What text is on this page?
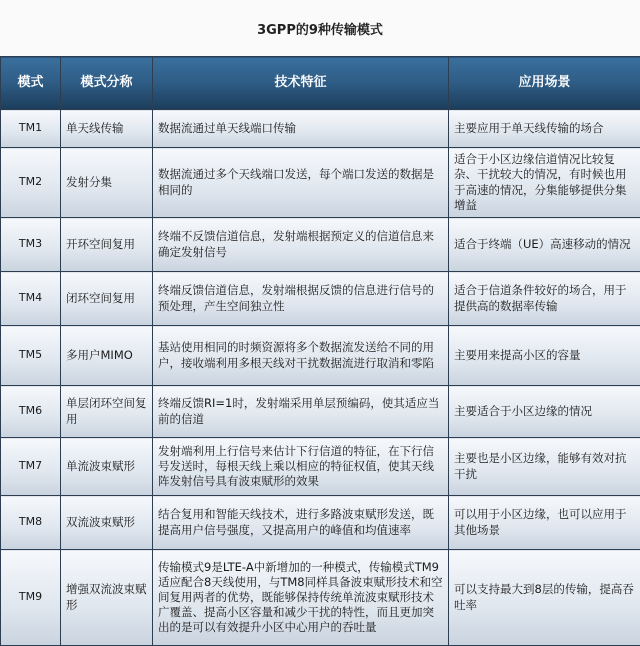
3GPP的9种传输模式
模式	模式分称	技术特征	应用场景
TM1	单天线传输	数据流通过单天线端口传输	主要应用于单天线传输的场合
TM2	发射分集	数据流通过多个天线端口发送，每个端口发送的数据是相同的	适合于小区边缘信道情况比较复杂、干扰较大的情况，有时候也用于高速的情况，分集能够提供分集增益
TM3	开环空间复用	终端不反馈信道信息，发射端根据预定义的信道信息来确定发射信号	适合于终端（UE）高速移动的情况
TM4	闭环空间复用	终端反馈信道信息，发射端根据反馈的信息进行信号的预处理，产生空间独立性	适合于信道条件较好的场合，用于提供高的数据率传输
TM5	多用户MIMO	基站使用相同的时频资源将多个数据流发送给不同的用户，接收端利用多根天线对干扰数据流进行取消和零陷	主要用来提高小区的容量
TM6	单层闭环空间复用	终端反馈RI=1时，发射端采用单层预编码，使其适应当前的信道	主要适合于小区边缘的情况
TM7	单流波束赋形	发射端利用上行信号来估计下行信道的特征，在下行信号发送时，每根天线上乘以相应的特征权值，使其天线阵发射信号具有波束赋形的效果	主要也是小区边缘，能够有效对抗干扰
TM8	双流波束赋形	结合复用和智能天线技术，进行多路波束赋形发送，既提高用户信号强度，又提高用户的峰值和均值速率	可以用于小区边缘，也可以应用于其他场景
TM9	增强双流波束赋形	传输模式9是LTE-A中新增加的一种模式，传输模式TM9适应配合8天线使用，与TM8同样具备波束赋形技术和空间复用两者的优势，既能够保持传统单流波束赋形技术广覆盖、提高小区容量和减少干扰的特性，而且更加突出的是可以有效提升小区中心用户的吞吐量	可以支持最大到8层的传输，提高吞吐率
